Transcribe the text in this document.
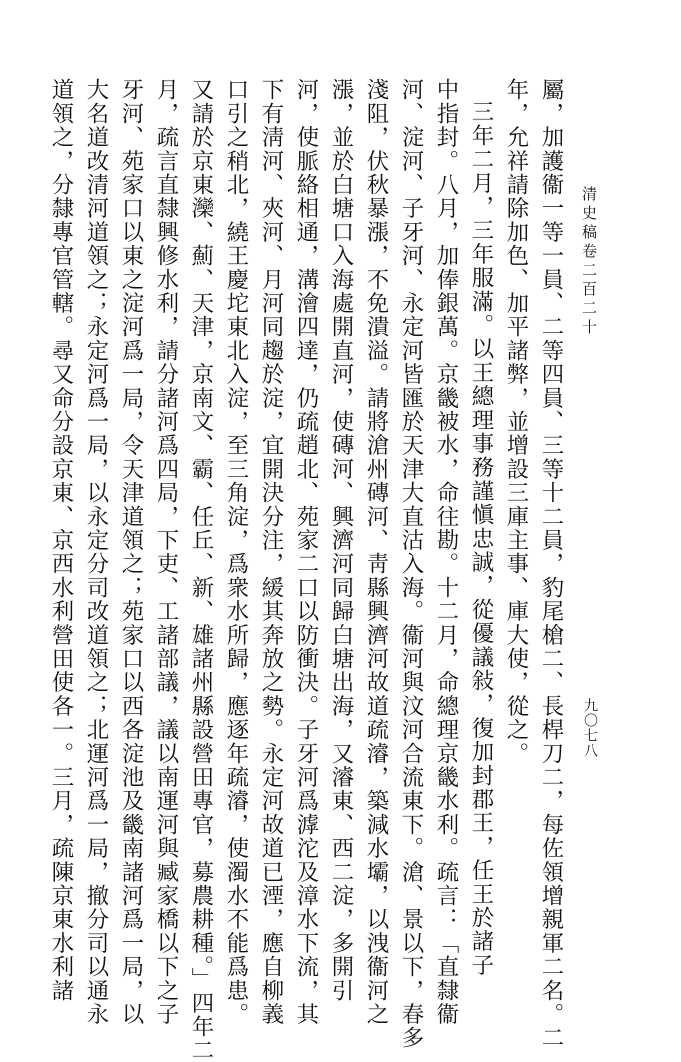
清史稿卷二百二十
九〇七八
屬，加護衞一等一員、二等四員、三等十二員，豹尾槍二、長桿刀二，每佐領增親軍二名。二
年，允祥請除加色、加平諸弊，並增設三庫主事、庫大使，從之。
三年二月，三年服滿。以王總理事務謹愼忠誠，從優議敍，復加封郡王，任王於諸子
中指封。八月，加俸銀萬。京畿被水，命往勘。十二月，命總理京畿水利。疏言：「直隸衞
河、淀河、子牙河、永定河皆匯於天津大直沽入海。衞河與汶河合流東下。滄、景以下，春多
淺阻，伏秋暴漲，不免潰溢。請將滄州磚河、靑縣興濟河故道疏濬，築減水壩，以洩衞河之
漲，並於白塘口入海處開直河，使磚河、興濟河同歸白塘出海，又濬東、西二淀，多開引
河，使脈絡相通，溝澮四達，仍疏趙北、苑家二口以防衝決。子牙河爲滹沱及漳水下流，其
下有淸河、夾河、月河同趨於淀，宜開決分注，緩其奔放之勢。永定河故道已湮，應自柳義
口引之稍北，繞王慶坨東北入淀，至三角淀，爲衆水所歸，應逐年疏濬，使濁水不能爲患。
又請於京東灤、薊、天津，京南文、霸、任丘、新、雄諸州縣設營田專官，募農耕種。」四年二
月，疏言直隸興修水利，請分諸河爲四局，下吏、工諸部議，議以南運河與臧家橋以下之子
牙河、苑家口以東之淀河爲一局，令天津道領之；苑家口以西各淀池及畿南諸河爲一局，以
大名道改清河道領之；永定河爲一局，以永定分司改道領之；北運河爲一局，撤分司以通永
道領之，分隸專官管轄。尋又命分設京東、京西水利營田使各一。三月，疏陳京東水利諸
